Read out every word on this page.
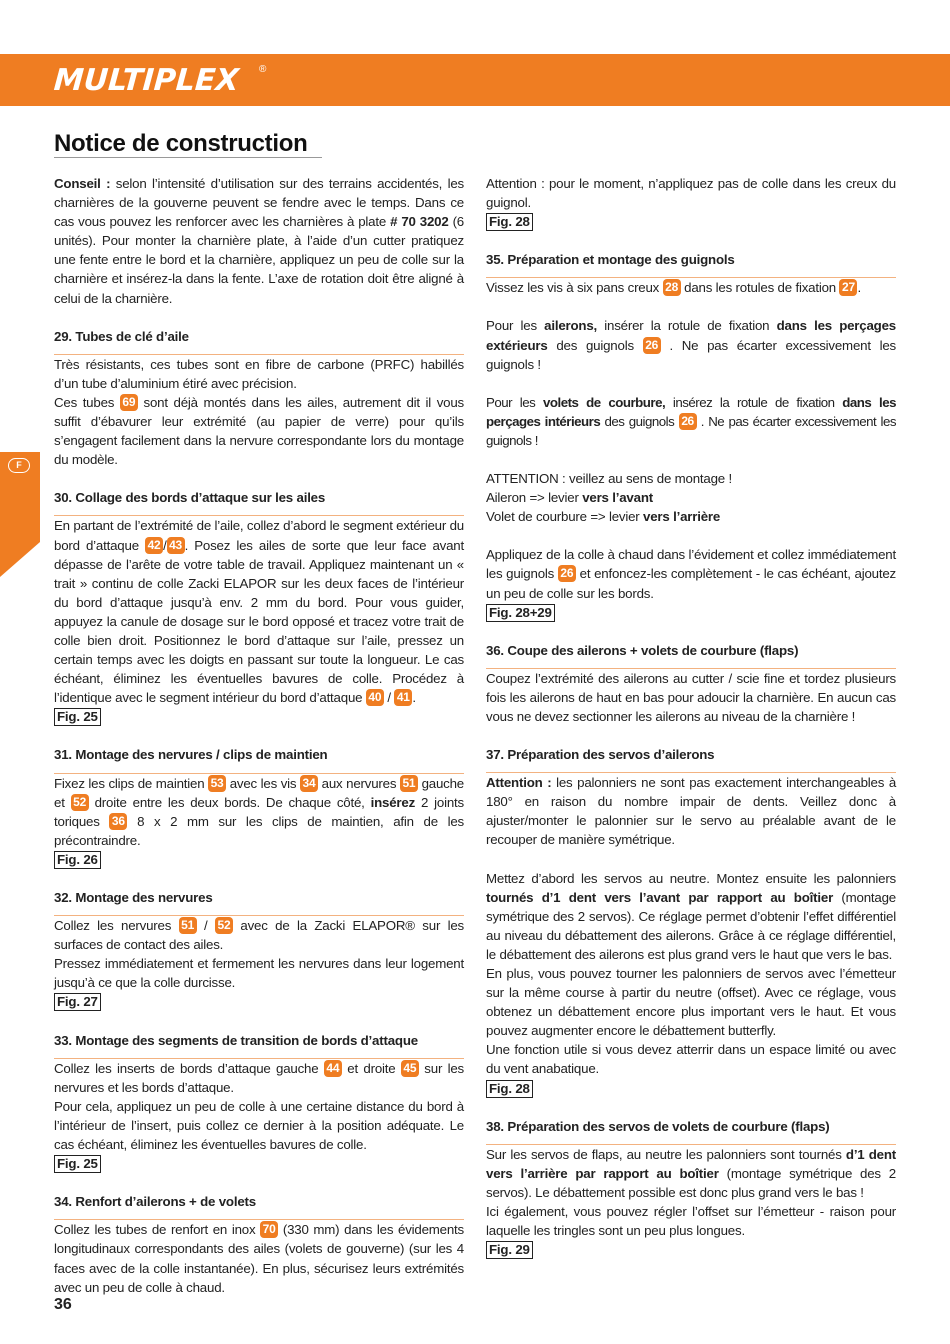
MULTIPLEX ®
F
Notice de construction

Conseil : selon l’intensité d’utilisation sur des terrains accidentés, les charnières de la gouverne peuvent se fendre avec le temps. Dans ce cas vous pouvez les renforcer avec les charnières à plate # 70 3202 (6 unités). Pour monter la charnière plate, à l’aide d’un cutter pratiquez une fente entre le bord et la charnière, appliquez un peu de colle sur la charnière et insérez-la dans la fente. L’axe de rotation doit être aligné à celui de la charnière.

29. Tubes de clé d’aile

Très résistants, ces tubes sont en fibre de carbone (PRFC) habillés d’un tube d’aluminium étiré avec précision.

Ces tubes 69 sont déjà montés dans les ailes, autrement dit il vous suffit d’ébavurer leur extrémité (au papier de verre) pour qu’ils s’engagent facilement dans la nervure correspondante lors du montage du modèle.

30. Collage des bords d’attaque sur les ailes

En partant de l’extrémité de l’aile, collez d’abord le segment extérieur du bord d’attaque 42 / 43 . Posez les ailes de sorte que leur face avant dépasse de l’arête de votre table de travail. Appliquez maintenant un « trait » continu de colle Zacki ELAPOR sur les deux faces de l’intérieur du bord d’attaque jusqu’à env. 2 mm du bord. Pour vous guider, appuyez la canule de dosage sur le bord opposé et tracez votre trait de colle bien droit. Positionnez le bord d’attaque sur l’aile, pressez un certain temps avec les doigts en passant sur toute la longueur. Le cas échéant, éliminez les éventuelles bavures de colle. Procédez à l’identique avec le segment intérieur du bord d’attaque 40 / 41 .

Fig. 25

31. Montage des nervures / clips de maintien

Fixez les clips de maintien 53 avec les vis 34 aux nervures 51 gauche et 52 droite entre les deux bords. De chaque côté, insérez 2 joints toriques 36 8 x 2 mm sur les clips de maintien, afin de les précontraindre.

Fig. 26

32. Montage des nervures

Collez les nervures 51 / 52 avec de la Zacki ELAPOR® sur les surfaces de contact des ailes.

Pressez immédiatement et fermement les nervures dans leur logement jusqu’à ce que la colle durcisse.

Fig. 27

33. Montage des segments de transition de bords d’attaque

Collez les inserts de bords d’attaque gauche 44 et droite 45 sur les nervures et les bords d’attaque.

Pour cela, appliquez un peu de colle à une certaine distance du bord à l’intérieur de l’insert, puis collez ce dernier à la position adéquate. Le cas échéant, éliminez les éventuelles bavures de colle.

Fig. 25

34. Renfort d’ailerons + de volets

Collez les tubes de renfort en inox 70 (330 mm) dans les évidements longitudinaux correspondants des ailes (volets de gouverne) (sur les 4 faces avec de la colle instantanée). En plus, sécurisez leurs extrémités avec un peu de colle à chaud.

Attention : pour le moment, n’appliquez pas de colle dans les creux du guignol.

Fig. 28

35. Préparation et montage des guignols

Vissez les vis à six pans creux 28 dans les rotules de fixation 27 .

Pour les ailerons, insérer la rotule de fixation dans les perçages extérieurs des guignols 26 . Ne pas écarter excessivement les guignols !

Pour les volets de courbure, insérez la rotule de fixation dans les perçages intérieurs des guignols 26 . Ne pas écarter excessivement les guignols !

ATTENTION : veillez au sens de montage !

Aileron => levier vers l’avant

Volet de courbure => levier vers l’arrière

Appliquez de la colle à chaud dans l’évidement et collez immédiatement les guignols 26 et enfoncez-les complètement - le cas échéant, ajoutez un peu de colle sur les bords.

Fig. 28+29

36. Coupe des ailerons + volets de courbure (flaps)

Coupez l’extrémité des ailerons au cutter / scie fine et tordez plusieurs fois les ailerons de haut en bas pour adoucir la charnière. En aucun cas vous ne devez sectionner les ailerons au niveau de la charnière !

37. Préparation des servos d’ailerons

Attention : les palonniers ne sont pas exactement interchangeables à 180° en raison du nombre impair de dents. Veillez donc à ajuster/monter le palonnier sur le servo au préalable avant de le recouper de manière symétrique.

Mettez d’abord les servos au neutre. Montez ensuite les palonniers tournés d’1 dent vers l’avant par rapport au boîtier (montage symétrique des 2 servos). Ce réglage permet d’obtenir l’effet différentiel au niveau du débattement des ailerons. Grâce à ce réglage différentiel, le débattement des ailerons est plus grand vers le haut que vers le bas.

En plus, vous pouvez tourner les palonniers de servos avec l’émetteur sur la même course à partir du neutre (offset). Avec ce réglage, vous obtenez un débattement encore plus important vers le haut. Et vous pouvez augmenter encore le débattement butterfly.

Une fonction utile si vous devez atterrir dans un espace limité ou avec du vent anabatique.

Fig. 28

38. Préparation des servos de volets de courbure (flaps)

Sur les servos de flaps, au neutre les palonniers sont tournés d’1 dent vers l’arrière par rapport au boîtier (montage symétrique des 2 servos). Le débattement possible est donc plus grand vers le bas !

Ici également, vous pouvez régler l’offset sur l’émetteur - raison pour laquelle les tringles sont un peu plus longues.

Fig. 29

36
